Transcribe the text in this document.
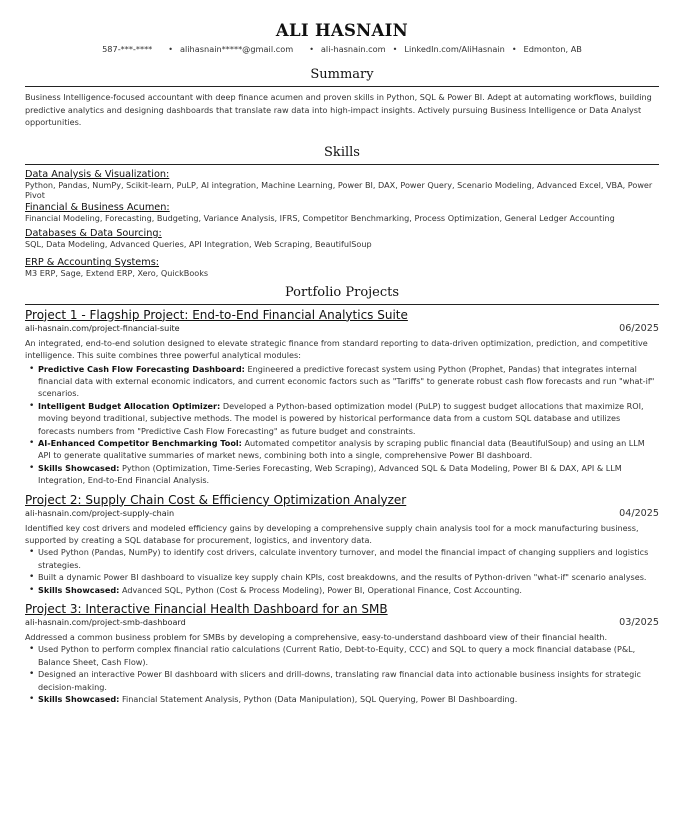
ALI HASNAIN
587-***-**** • alihasnain*****@gmail.com • ali-hasnain.com • LinkedIn.com/AliHasnain • Edmonton, AB
Summary

Business Intelligence-focused accountant with deep finance acumen and proven skills in Python, SQL & Power BI. Adept at automating workflows, building predictive analytics and designing dashboards that translate raw data into high-impact insights. Actively pursuing Business Intelligence or Data Analyst opportunities.

Skills

Data Analysis & Visualization:

Python, Pandas, NumPy, Scikit-learn, PuLP, AI integration, Machine Learning, Power BI, DAX, Power Query, Scenario Modeling, Advanced Excel, VBA, Power Pivot

Financial & Business Acumen:

Financial Modeling, Forecasting, Budgeting, Variance Analysis, IFRS, Competitor Benchmarking, Process Optimization, General Ledger Accounting

Databases & Data Sourcing:

SQL, Data Modeling, Advanced Queries, API Integration, Web Scraping, BeautifulSoup

ERP & Accounting Systems:

M3 ERP, Sage, Extend ERP, Xero, QuickBooks

Portfolio Projects

Project 1 - Flagship Project: End-to-End Financial Analytics Suite

ali-hasnain.com/project-financial-suite	06/2025

An integrated, end-to-end solution designed to elevate strategic finance from standard reporting to data-driven optimization, prediction, and competitive intelligence. This suite combines three powerful analytical modules:

• Predictive Cash Flow Forecasting Dashboard: Engineered a predictive forecast system using Python (Prophet, Pandas) that integrates internal financial data with external economic indicators, and current economic factors such as "Tariffs" to generate robust cash flow forecasts and run "what-if" scenarios.
• Intelligent Budget Allocation Optimizer: Developed a Python-based optimization model (PuLP) to suggest budget allocations that maximize ROI, moving beyond traditional, subjective methods. The model is powered by historical performance data from a custom SQL database and utilizes forecasts numbers from "Predictive Cash Flow Forecasting" as future budget and constraints.
• AI-Enhanced Competitor Benchmarking Tool: Automated competitor analysis by scraping public financial data (BeautifulSoup) and using an LLM API to generate qualitative summaries of market news, combining both into a single, comprehensive Power BI dashboard.
• Skills Showcased: Python (Optimization, Time-Series Forecasting, Web Scraping), Advanced SQL & Data Modeling, Power BI & DAX, API & LLM Integration, End-to-End Financial Analysis.

Project 2: Supply Chain Cost & Efficiency Optimization Analyzer

ali-hasnain.com/project-supply-chain	04/2025

Identified key cost drivers and modeled efficiency gains by developing a comprehensive supply chain analysis tool for a mock manufacturing business, supported by creating a SQL database for procurement, logistics, and inventory data.

• Used Python (Pandas, NumPy) to identify cost drivers, calculate inventory turnover, and model the financial impact of changing suppliers and logistics strategies.
• Built a dynamic Power BI dashboard to visualize key supply chain KPIs, cost breakdowns, and the results of Python-driven "what-if" scenario analyses.
• Skills Showcased: Advanced SQL, Python (Cost & Process Modeling), Power BI, Operational Finance, Cost Accounting.

Project 3: Interactive Financial Health Dashboard for an SMB

ali-hasnain.com/project-smb-dashboard	03/2025

Addressed a common business problem for SMBs by developing a comprehensive, easy-to-understand dashboard view of their financial health.

• Used Python to perform complex financial ratio calculations (Current Ratio, Debt-to-Equity, CCC) and SQL to query a mock financial database (P&L, Balance Sheet, Cash Flow).
• Designed an interactive Power BI dashboard with slicers and drill-downs, translating raw financial data into actionable business insights for strategic decision-making.
• Skills Showcased: Financial Statement Analysis, Python (Data Manipulation), SQL Querying, Power BI Dashboarding.
